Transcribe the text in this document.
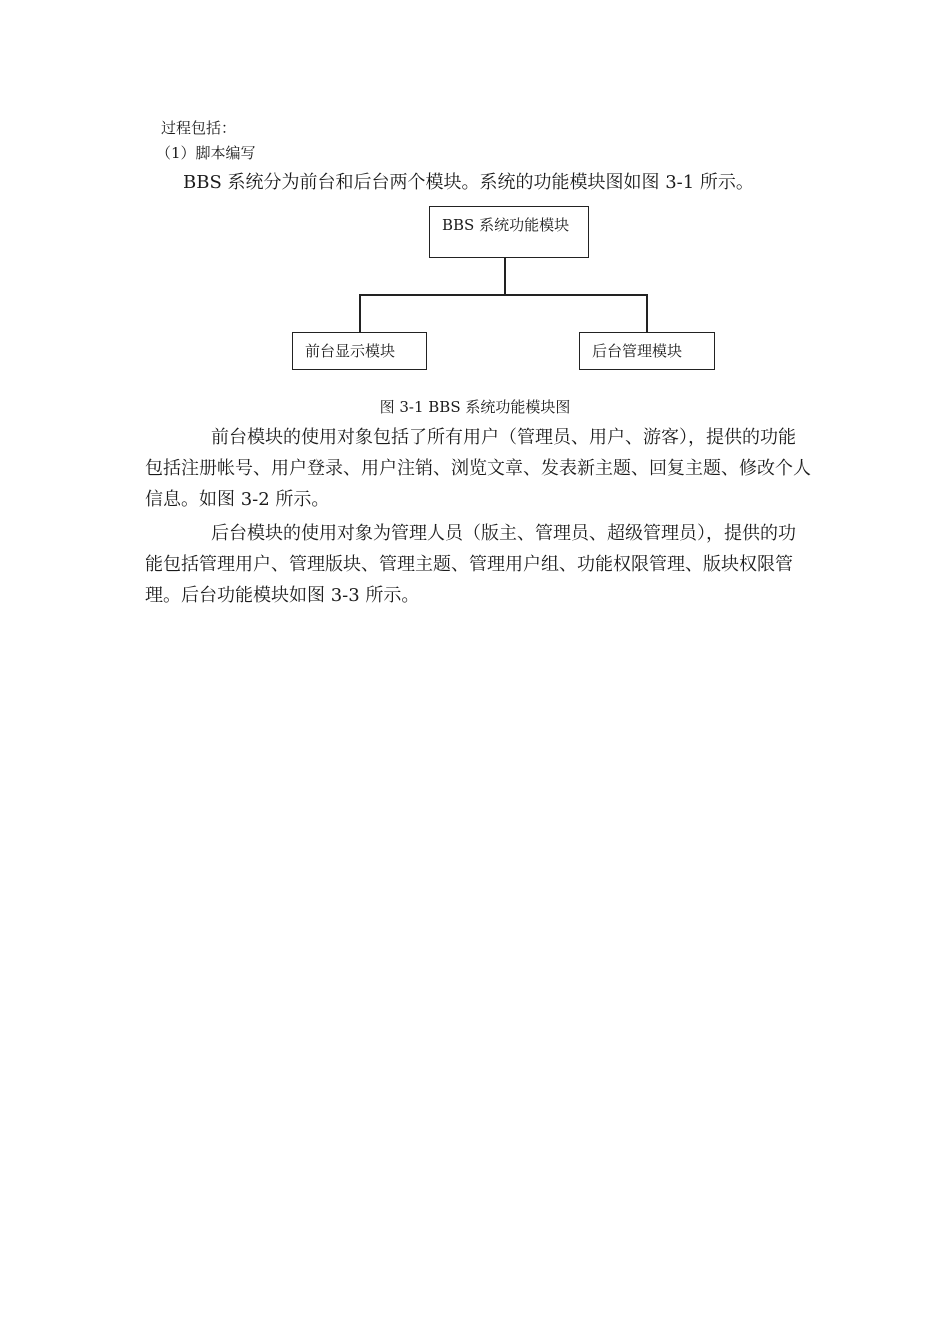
过程包括：
（1）脚本编写
BBS 系统分为前台和后台两个模块。系统的功能模块图如图 3-1 所示。
BBS 系统功能模块
前台显示模块	后台管理模块
图 3-1 BBS 系统功能模块图
前台模块的使用对象包括了所有用户（管理员、用户、游客），提供的功能
包括注册帐号、用户登录、用户注销、浏览文章、发表新主题、回复主题、修改个人
信息。如图 3-2 所示。
后台模块的使用对象为管理人员（版主、管理员、超级管理员），提供的功
能包括管理用户、管理版块、管理主题、管理用户组、功能权限管理、版块权限管
理。后台功能模块如图 3-3 所示。
